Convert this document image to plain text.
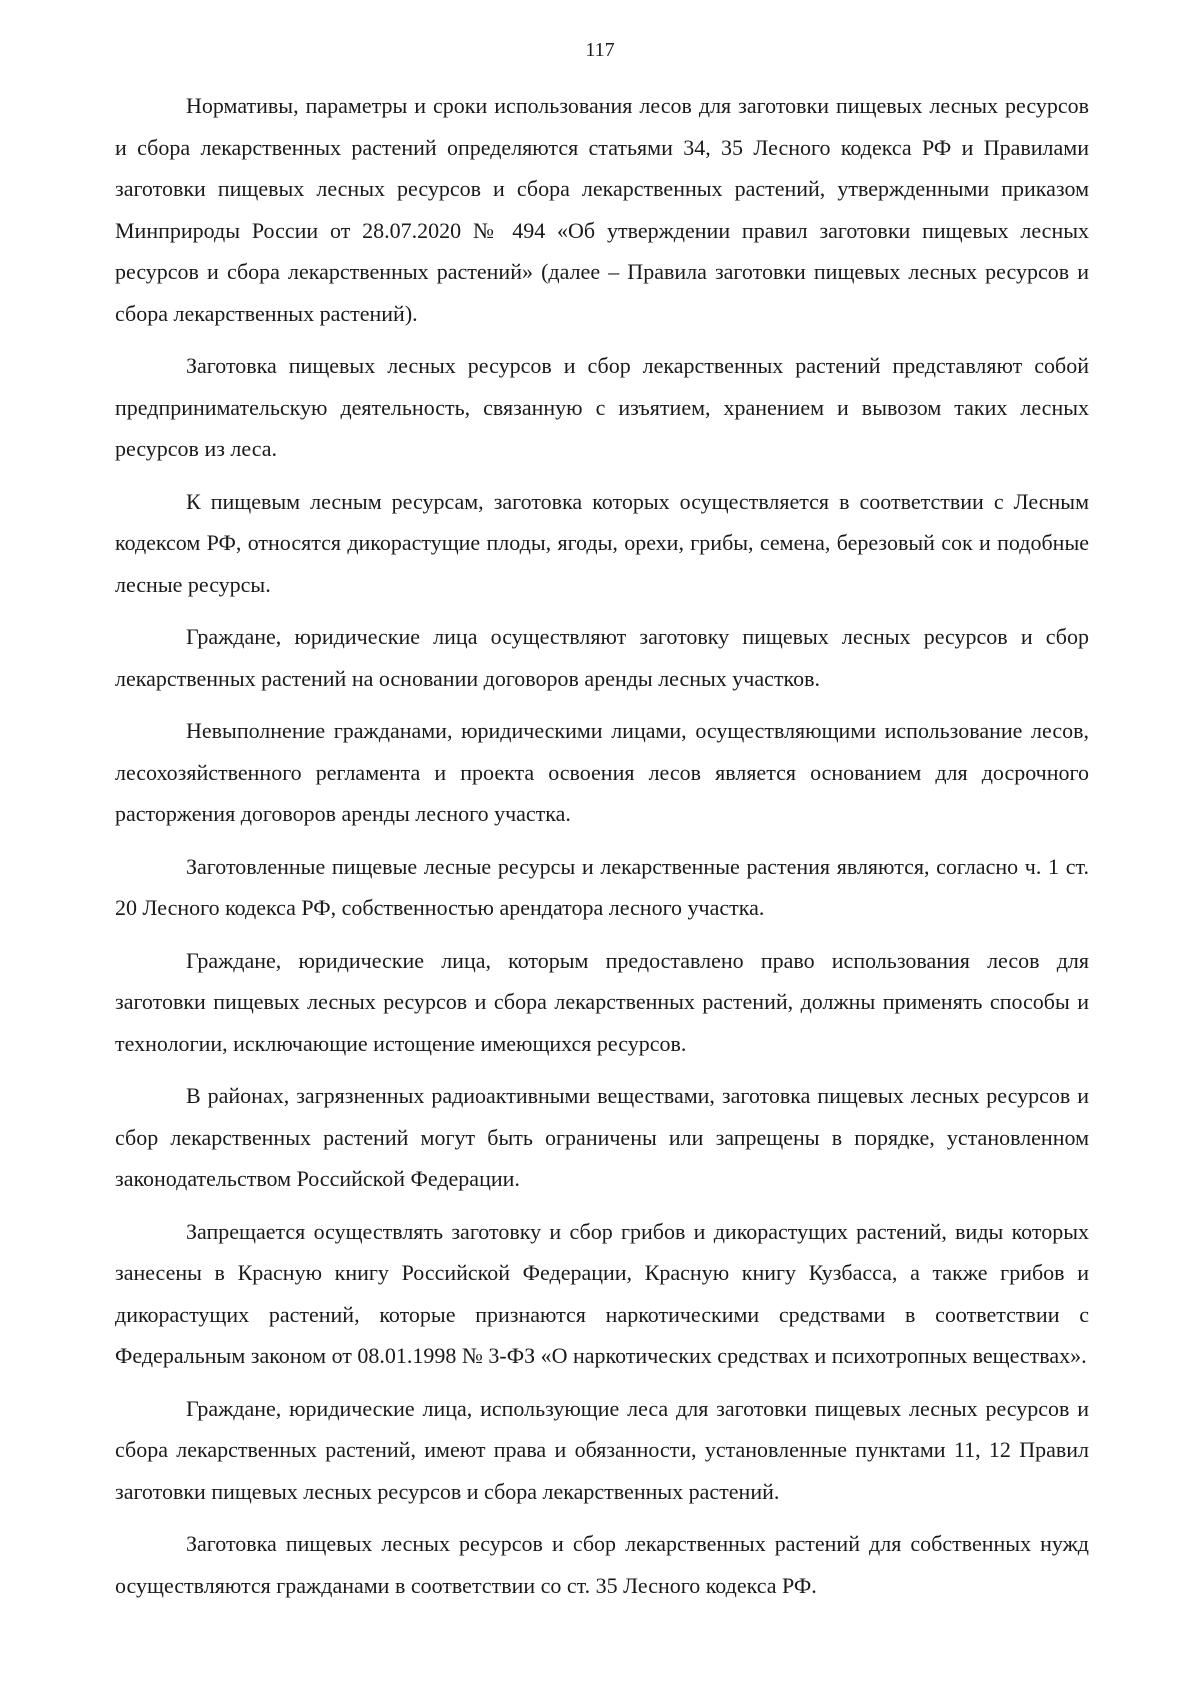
117

Нормативы, параметры и сроки использования лесов для заготовки пищевых лесных ресурсов и сбора лекарственных растений определяются статьями 34, 35 Лесного кодекса РФ и Правилами заготовки пищевых лесных ресурсов и сбора лекарственных растений, утвержденными приказом Минприроды России от 28.07.2020 № 494 «Об утверждении правил заготовки пищевых лесных ресурсов и сбора лекарственных растений» (далее – Правила заготовки пищевых лесных ресурсов и сбора лекарственных растений).

Заготовка пищевых лесных ресурсов и сбор лекарственных растений представляют собой предпринимательскую деятельность, связанную с изъятием, хранением и вывозом таких лесных ресурсов из леса.

К пищевым лесным ресурсам, заготовка которых осуществляется в соответствии с Лесным кодексом РФ, относятся дикорастущие плоды, ягоды, орехи, грибы, семена, березовый сок и подобные лесные ресурсы.

Граждане, юридические лица осуществляют заготовку пищевых лесных ресурсов и сбор лекарственных растений на основании договоров аренды лесных участков.

Невыполнение гражданами, юридическими лицами, осуществляющими использование лесов, лесохозяйственного регламента и проекта освоения лесов является основанием для досрочного расторжения договоров аренды лесного участка.

Заготовленные пищевые лесные ресурсы и лекарственные растения являются, согласно ч. 1 ст. 20 Лесного кодекса РФ, собственностью арендатора лесного участка.

Граждане, юридические лица, которым предоставлено право использования лесов для заготовки пищевых лесных ресурсов и сбора лекарственных растений, должны применять способы и технологии, исключающие истощение имеющихся ресурсов.

В районах, загрязненных радиоактивными веществами, заготовка пищевых лесных ресурсов и сбор лекарственных растений могут быть ограничены или запрещены в порядке, установленном законодательством Российской Федерации.

Запрещается осуществлять заготовку и сбор грибов и дикорастущих растений, виды которых занесены в Красную книгу Российской Федерации, Красную книгу Кузбасса, а также грибов и дикорастущих растений, которые признаются наркотическими средствами в соответствии с Федеральным законом от 08.01.1998 № 3-ФЗ «О наркотических средствах и психотропных веществах».

Граждане, юридические лица, использующие леса для заготовки пищевых лесных ресурсов и сбора лекарственных растений, имеют права и обязанности, установленные пунктами 11, 12 Правил заготовки пищевых лесных ресурсов и сбора лекарственных растений.

Заготовка пищевых лесных ресурсов и сбор лекарственных растений для собственных нужд осуществляются гражданами в соответствии со ст. 35 Лесного кодекса РФ.
